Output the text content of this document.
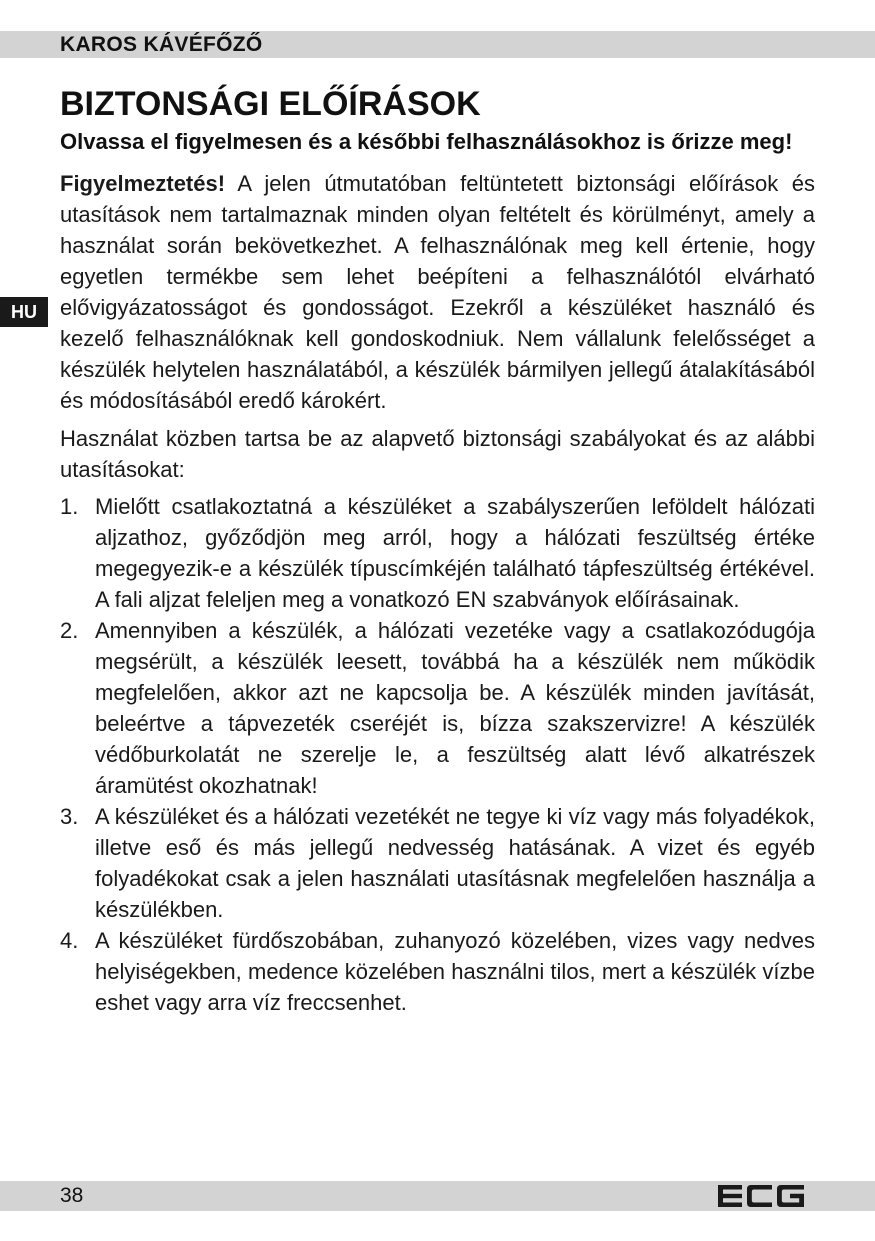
KAROS KÁVÉFŐZŐ
HU
BIZTONSÁGI ELŐÍRÁSOK
Olvassa el figyelmesen és a későbbi felhasználásokhoz is őrizze meg!

Figyelmeztetés! A jelen útmutatóban feltüntetett biztonsági előírások és utasítások nem tartalmaznak minden olyan feltételt és körülményt, amely a használat során bekövetkezhet. A felhasználónak meg kell értenie, hogy egyetlen termékbe sem lehet beépíteni a felhasználótól elvárható elővigyázatosságot és gondosságot. Ezekről a készüléket használó és kezelő felhasználóknak kell gondoskodniuk. Nem vállalunk felelősséget a készülék helytelen használatából, a készülék bármilyen jellegű átalakításából és módosításából eredő károkért.

Használat közben tartsa be az alapvető biztonsági szabályokat és az alábbi utasításokat:

1. Mielőtt csatlakoztatná a készüléket a szabályszerűen leföldelt hálózati aljzathoz, győződjön meg arról, hogy a hálózati feszültség értéke megegyezik-e a készülék típuscímkéjén található tápfeszültség értékével. A fali aljzat feleljen meg a vonatkozó EN szabványok előírásainak.
2. Amennyiben a készülék, a hálózati vezetéke vagy a csatlakozódugója megsérült, a készülék leesett, továbbá ha a készülék nem működik megfelelően, akkor azt ne kapcsolja be. A készülék minden javítását, beleértve a tápvezeték cseréjét is, bízza szakszervizre! A készülék védőburkolatát ne szerelje le, a feszültség alatt lévő alkatrészek áramütést okozhatnak!
3. A készüléket és a hálózati vezetékét ne tegye ki víz vagy más folyadékok, illetve eső és más jellegű nedvesség hatásának. A vizet és egyéb folyadékokat csak a jelen használati utasításnak megfelelően használja a készülékben.
4. A készüléket fürdőszobában, zuhanyozó közelében, vizes vagy nedves helyiségekben, medence közelében használni tilos, mert a készülék vízbe eshet vagy arra víz freccsenhet.
38
